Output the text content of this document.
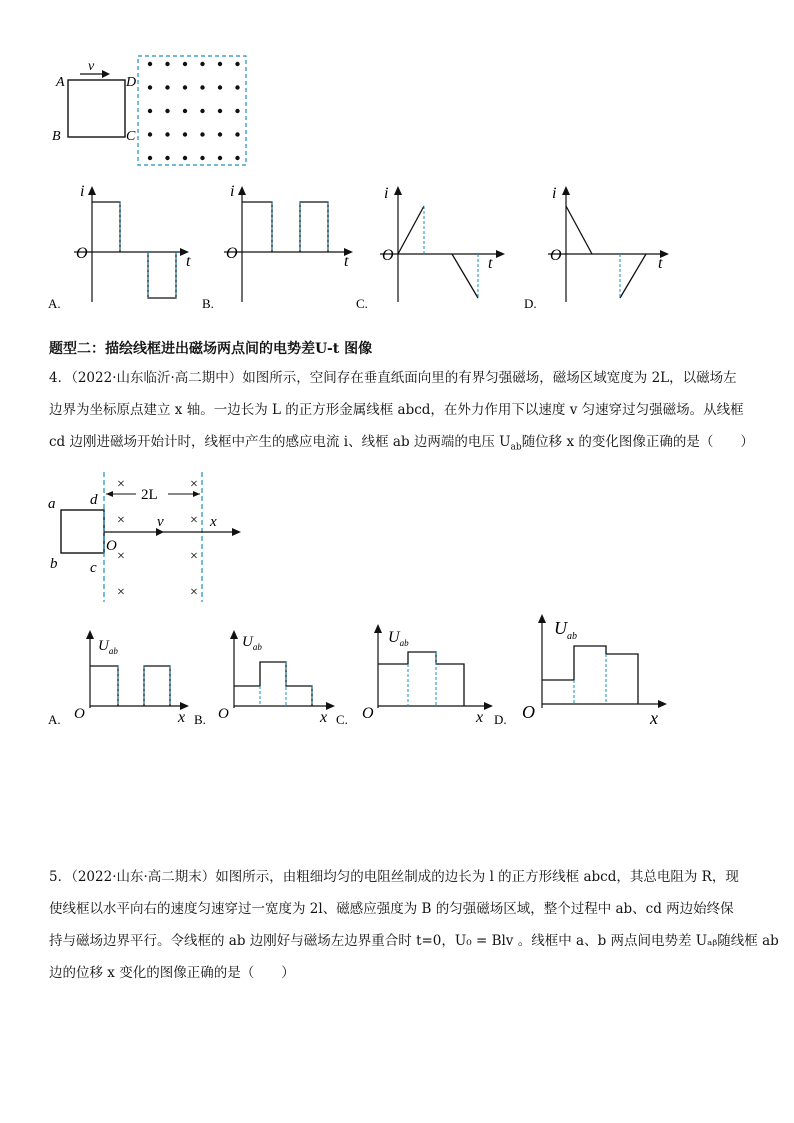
v
A	D
B	C
i
O	t
A.
i
O	t
B.
i
O	t
C.
i
O	t
D.
题型二：描绘线框进出磁场两点间的电势差U-t 图像
4．（2022·山东临沂·高二期中）如图所示，空间存在垂直纸面向里的有界匀强磁场，磁场区域宽度为 2L，以磁场左
边界为坐标原点建立 x 轴。一边长为 L 的正方形金属线框 abcd，在外力作用下以速度 v 匀速穿过匀强磁场。从线框
cd 边刚进磁场开始计时，线框中产生的感应电流 i、线框 ab 边两端的电压 $U_{ab}$随位移 x 的变化图像正确的是（　　）
a d
b c
2L
v	x
O
×	×
×	×
×	×
×	×
$U_{ab}$
O	x
A.
$U_{ab}$
O	x
B.
$U_{ab}$
O	x
C.
$U_{ab}$
O	x
D.
5．（2022·山东·高二期末）如图所示，由粗细均匀的电阻丝制成的边长为 l 的正方形线框 abcd，其总电阻为 R，现
使线框以水平向右的速度匀速穿过一宽度为 2l、磁感应强度为 B 的匀强磁场区域，整个过程中 ab、cd 两边始终保
持与磁场边界平行。令线框的 ab 边刚好与磁场左边界重合时 t=0，U₀ = Blv 。线框中 a、b 两点间电势差 Uₐᵦ随线框 ab
边的位移 x 变化的图像正确的是（　　）
